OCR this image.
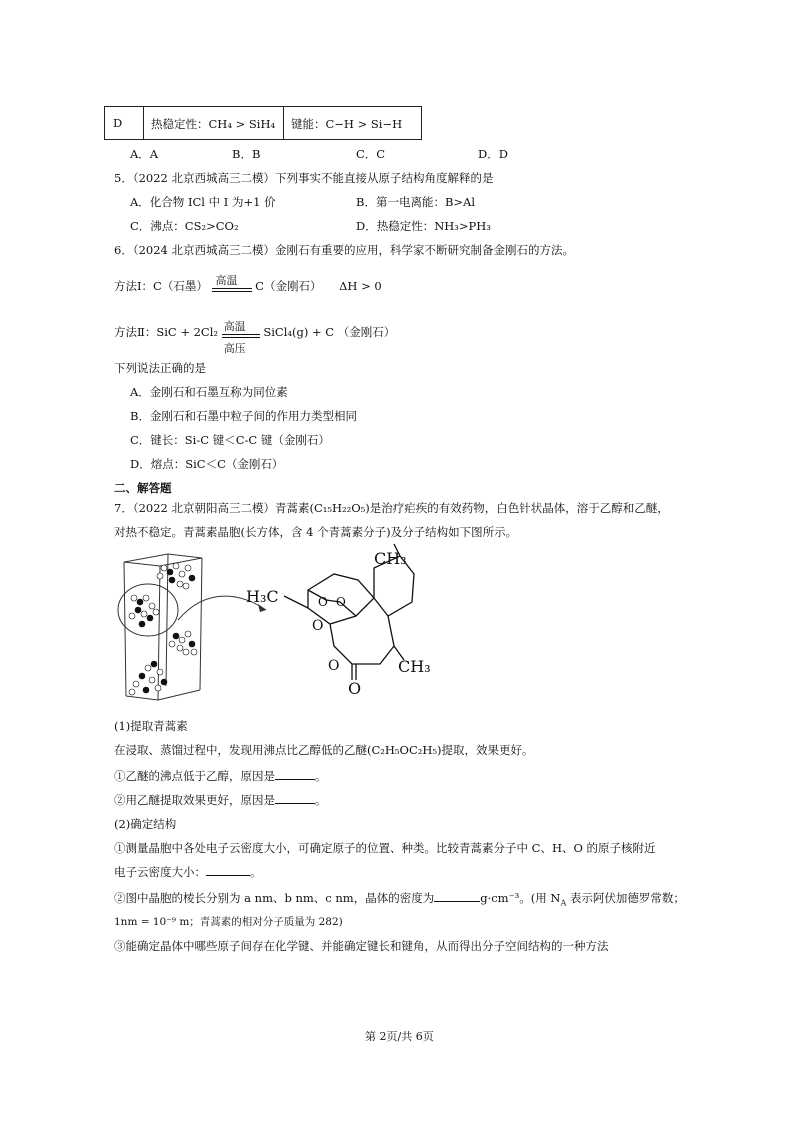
D	热稳定性：CH₄ > SiH₄ 键能：C−H > Si−H
A．A	B．B	C．C	D．D
5．（2022 北京西城高三二模）下列事实不能直接从原子结构角度解释的是
A．化合物 ICl 中 I 为+1 价	B．第一电离能：B>Al
C．沸点：CS₂>CO₂	D．热稳定性：NH₃>PH₃
6．（2024 北京西城高三二模）金刚石有重要的应用，科学家不断研究制备金刚石的方法。
方法Ⅰ：C（石墨） 高温 C（金刚石） ΔH > 0
方法Ⅱ：SiC + $2Cl_2 \frac{\text{高温}}{\text{高压}}$ SiCl₄(g) + C （金刚石）
下列说法正确的是
A．金刚石和石墨互称为同位素
B．金刚石和石墨中粒子间的作用力类型相同
C．键长：Si-C 键＜C-C 键（金刚石）
D．熔点：SiC＜C（金刚石）
二、解答题
7．（2022 北京朝阳高三二模）青蒿素(C₁₅H₂₂O₅)是治疗疟疾的有效药物，白色针状晶体，溶于乙醇和乙醚，
对热不稳定。青蒿素晶胞(长方体，含 4 个青蒿素分子)及分子结构如下图所示。
CH₃
H₃C
CH₃
O
O
O
O O
(1)提取青蒿素
在浸取、蒸馏过程中，发现用沸点比乙醇低的乙醚(C₂H₅OC₂H₅)提取，效果更好。
①乙醚的沸点低于乙醇，原因是	。
②用乙醚提取效果更好，原因是	。
(2)确定结构
①测量晶胞中各处电子云密度大小，可确定原子的位置、种类。比较青蒿素分子中 C、H、O 的原子核附近
电子云密度大小：	。
②图中晶胞的棱长分别为 a nm、b nm、c nm，晶体的密度为	g·cm⁻³。(用 $N_A$ 表示阿伏加德罗常数；
1nm = 10⁻⁹ m；青蒿素的相对分子质量为 282)
③能确定晶体中哪些原子间存在化学键、并能确定键长和键角，从而得出分子空间结构的一种方法
第 2页/共 6页
